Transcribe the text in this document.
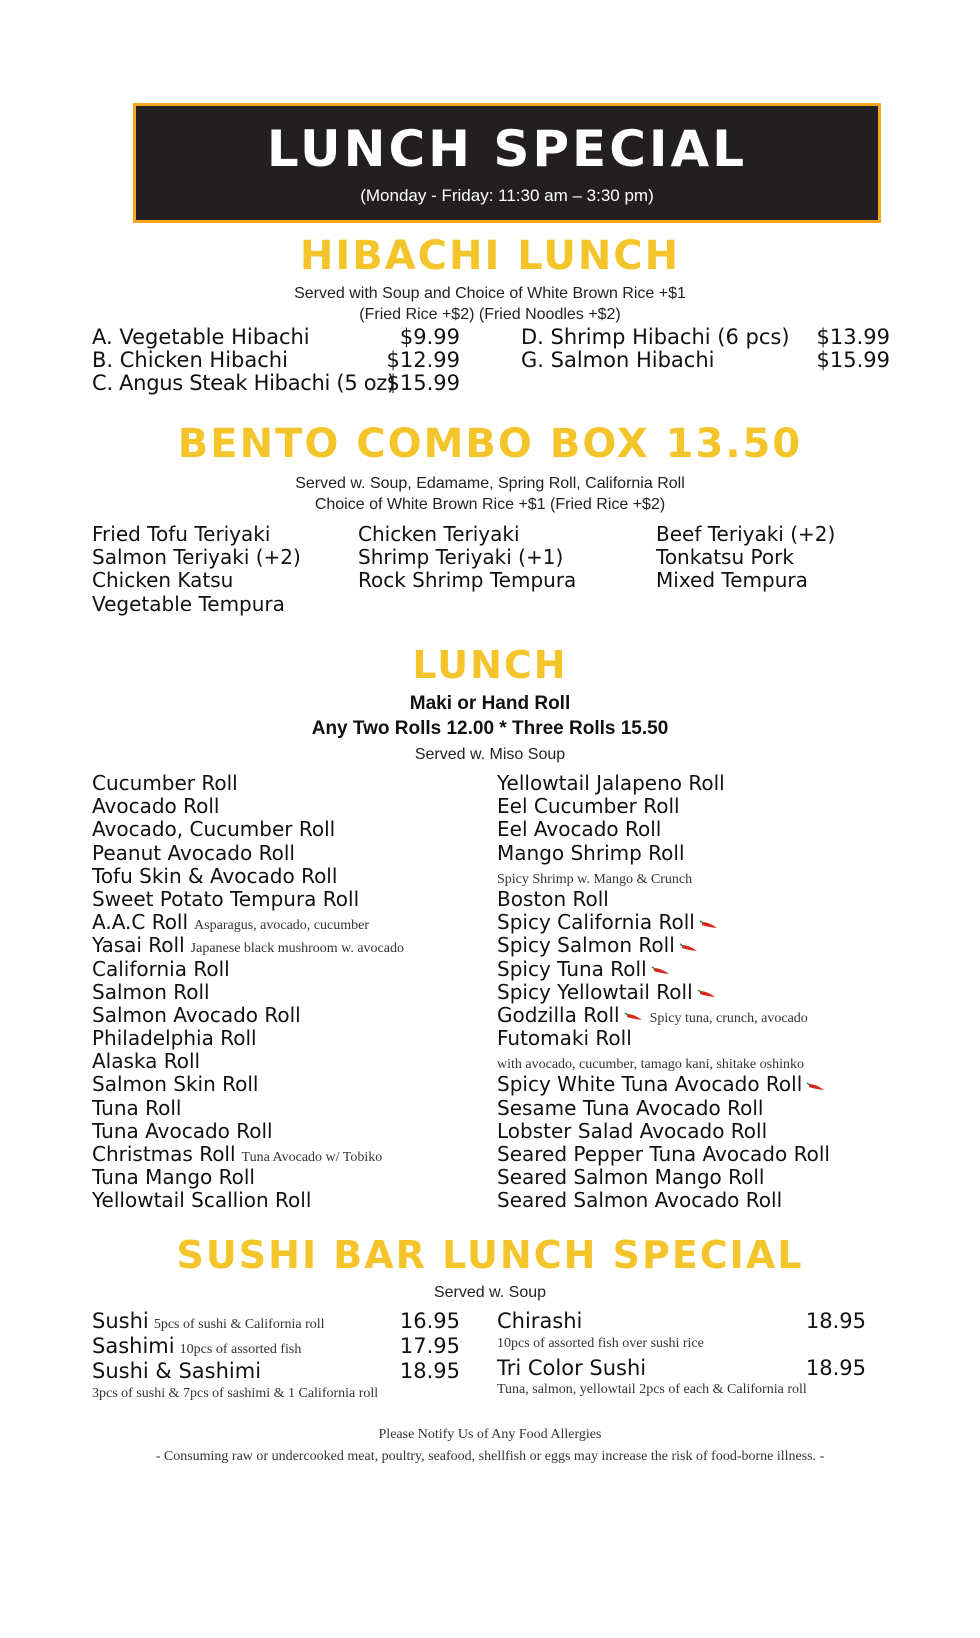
LUNCH SPECIAL
(Monday - Friday: 11:30 am – 3:30 pm)
HIBACHI LUNCH
Served with Soup and Choice of White Brown Rice +$1
(Fried Rice +$2) (Fried Noodles +$2)
A. Vegetable Hibachi	$9.99
B. Chicken Hibachi	$12.99
C. Angus Steak Hibachi (5 oz)
$15.99
D. Shrimp Hibachi (6 pcs)	$13.99
G. Salmon Hibachi	$15.99
BENTO COMBO BOX 13.50
Served w. Soup, Edamame, Spring Roll, California Roll
Choice of White Brown Rice +$1 (Fried Rice +$2)
Fried Tofu Teriyaki
Salmon Teriyaki (+2)
Chicken Katsu
Vegetable Tempura
Chicken Teriyaki
Shrimp Teriyaki (+1)
Rock Shrimp Tempura
Beef Teriyaki (+2)
Tonkatsu Pork
Mixed Tempura
LUNCH
Maki or Hand Roll
Any Two Rolls 12.00 * Three Rolls 15.50
Served w. Miso Soup
Cucumber Roll
Avocado Roll
Avocado, Cucumber Roll
Peanut Avocado Roll
Tofu Skin & Avocado Roll
Sweet Potato Tempura Roll
A.A.C Roll Asparagus, avocado, cucumber
Yasai Roll Japanese black mushroom w. avocado
California Roll
Salmon Roll
Salmon Avocado Roll
Philadelphia Roll
Alaska Roll
Salmon Skin Roll
Tuna Roll
Tuna Avocado Roll
Christmas Roll Tuna Avocado w/ Tobiko
Tuna Mango Roll
Yellowtail Scallion Roll
Yellowtail Jalapeno Roll
Eel Cucumber Roll
Eel Avocado Roll
Mango Shrimp Roll
Spicy Shrimp w. Mango & Crunch
Boston Roll
Spicy California Roll
Spicy Salmon Roll
Spicy Tuna Roll
Spicy Yellowtail Roll
Godzilla Roll Spicy tuna, crunch, avocado
Futomaki Roll
with avocado, cucumber, tamago kani, shitake oshinko
Spicy White Tuna Avocado Roll
Sesame Tuna Avocado Roll
Lobster Salad Avocado Roll
Seared Pepper Tuna Avocado Roll
Seared Salmon Mango Roll
Seared Salmon Avocado Roll
SUSHI BAR LUNCH SPECIAL
Served w. Soup
Sushi 5pcs of sushi & California roll	16.95
Sashimi 10pcs of assorted fish	17.95
Sushi & Sashimi	18.95
3pcs of sushi & 7pcs of sashimi & 1 California roll
Chirashi	18.95
10pcs of assorted fish over sushi rice
Tri Color Sushi	18.95
Tuna, salmon, yellowtail 2pcs of each & California roll
Please Notify Us of Any Food Allergies
- Consuming raw or undercooked meat, poultry, seafood, shellfish or eggs may increase the risk of food-borne illness. -
